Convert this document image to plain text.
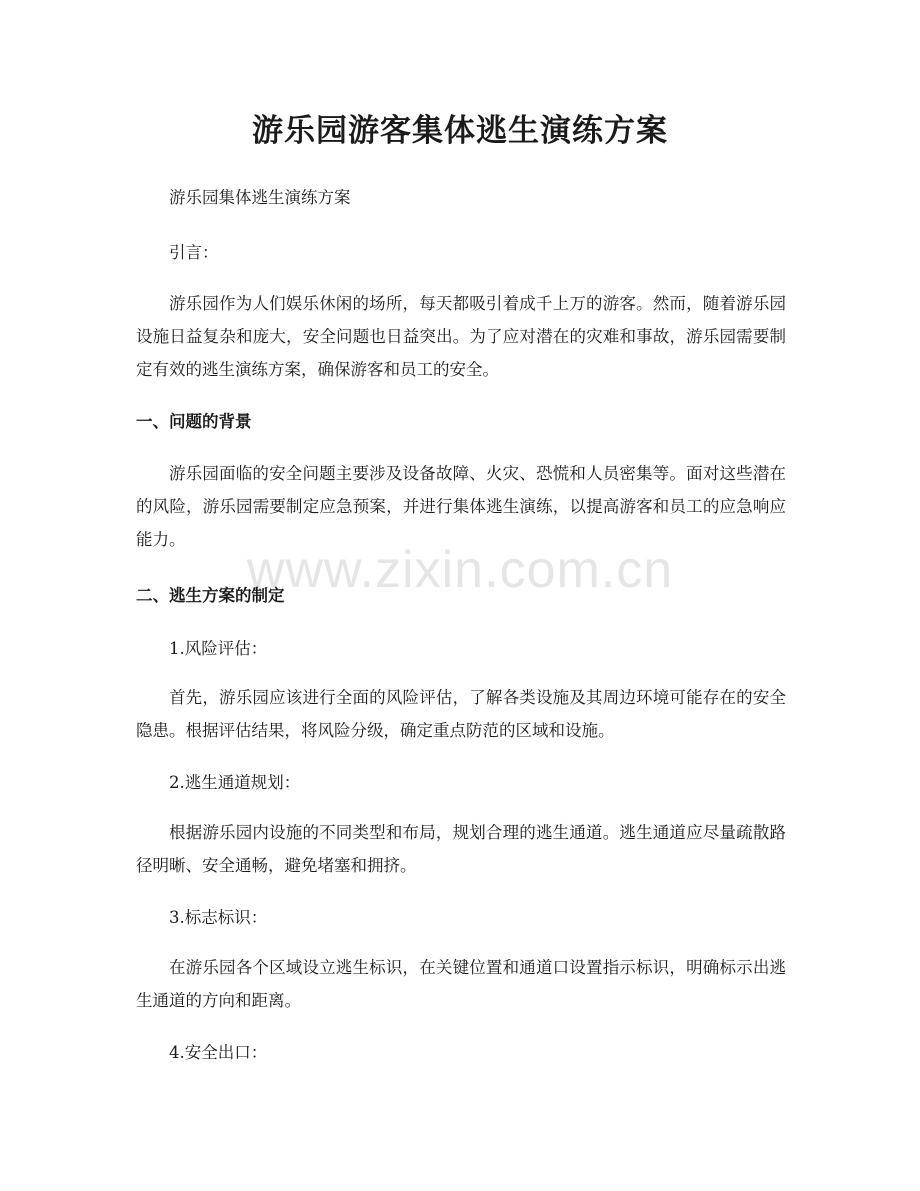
游乐园游客集体逃生演练方案

游乐园集体逃生演练方案

引言：

游乐园作为人们娱乐休闲的场所，每天都吸引着成千上万的游客。然而，随着游乐园设施日益复杂和庞大，安全问题也日益突出。为了应对潜在的灾难和事故，游乐园需要制定有效的逃生演练方案，确保游客和员工的安全。

一、问题的背景

游乐园面临的安全问题主要涉及设备故障、火灾、恐慌和人员密集等。面对这些潜在的风险，游乐园需要制定应急预案，并进行集体逃生演练，以提高游客和员工的应急响应能力。

二、逃生方案的制定

1.风险评估：

首先，游乐园应该进行全面的风险评估，了解各类设施及其周边环境可能存在的安全隐患。根据评估结果，将风险分级，确定重点防范的区域和设施。

2.逃生通道规划：

根据游乐园内设施的不同类型和布局，规划合理的逃生通道。逃生通道应尽量疏散路径明晰、安全通畅，避免堵塞和拥挤。

3.标志标识：

在游乐园各个区域设立逃生标识，在关键位置和通道口设置指示标识，明确标示出逃生通道的方向和距离。

4.安全出口：

www.zixin.com.cn
